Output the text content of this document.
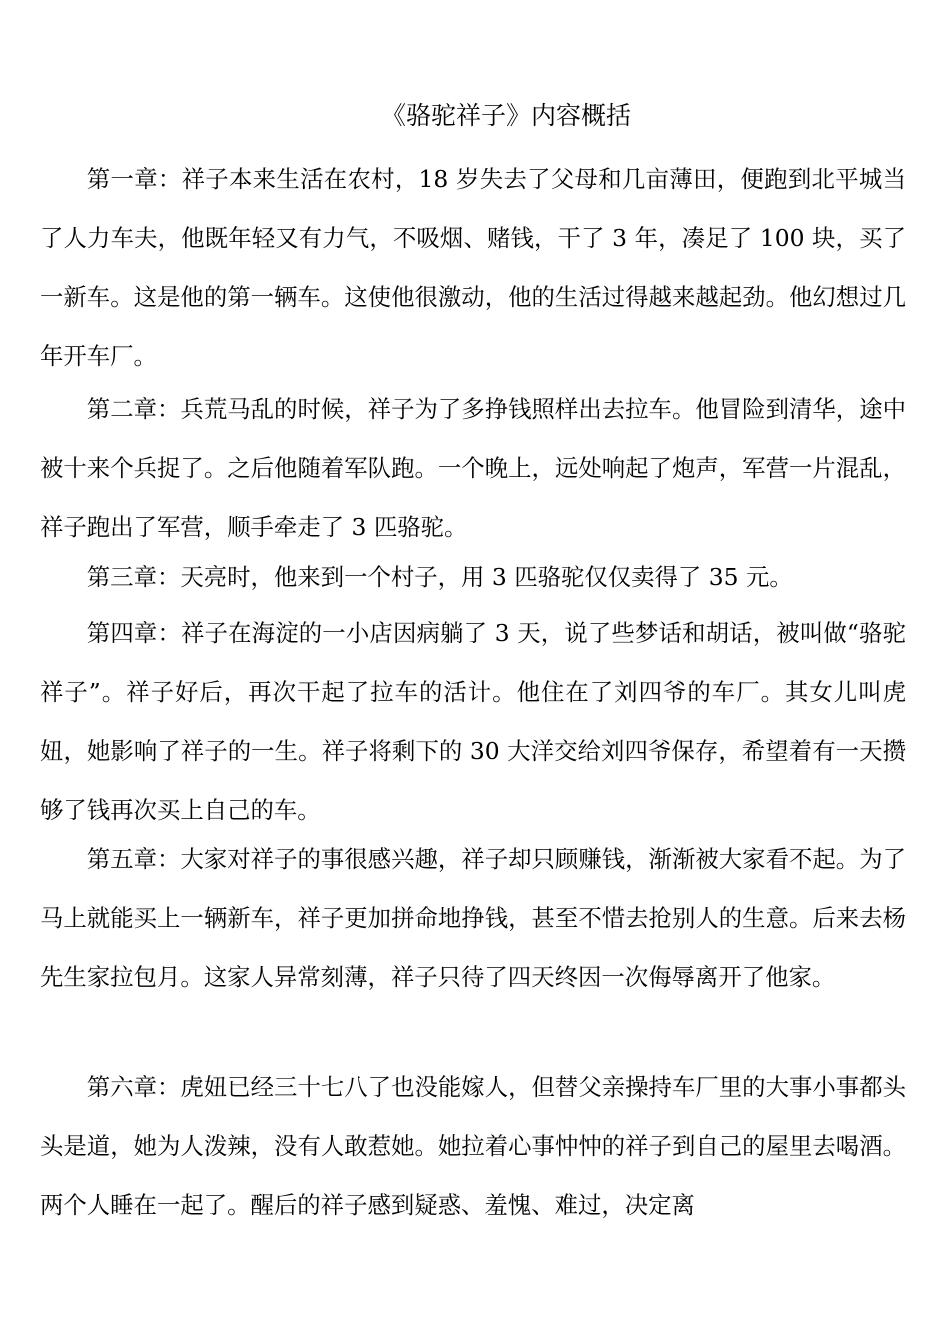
《骆驼祥子》内容概括

第一章：祥子本来生活在农村，18 岁失去了父母和几亩薄田，便跑到北平城当了人力车夫，他既年轻又有力气，不吸烟、赌钱，干了 3 年，凑足了 100 块，买了一新车。这是他的第一辆车。这使他很激动，他的生活过得越来越起劲。他幻想过几年开车厂。

第二章：兵荒马乱的时候，祥子为了多挣钱照样出去拉车。他冒险到清华，途中被十来个兵捉了。之后他随着军队跑。一个晚上，远处响起了炮声，军营一片混乱，祥子跑出了军营，顺手牵走了 3 匹骆驼。

第三章：天亮时，他来到一个村子，用 3 匹骆驼仅仅卖得了 35 元。

第四章：祥子在海淀的一小店因病躺了 3 天，说了些梦话和胡话，被叫做“骆驼祥子”。祥子好后，再次干起了拉车的活计。他住在了刘四爷的车厂。其女儿叫虎妞，她影响了祥子的一生。祥子将剩下的 30 大洋交给刘四爷保存，希望着有一天攒够了钱再次买上自己的车。

第五章：大家对祥子的事很感兴趣，祥子却只顾赚钱，渐渐被大家看不起。为了马上就能买上一辆新车，祥子更加拼命地挣钱，甚至不惜去抢别人的生意。后来去杨先生家拉包月。这家人异常刻薄，祥子只待了四天终因一次侮辱离开了他家。

第六章：虎妞已经三十七八了也没能嫁人，但替父亲操持车厂里的大事小事都头头是道，她为人泼辣，没有人敢惹她。她拉着心事忡忡的祥子到自己的屋里去喝酒。两个人睡在一起了。醒后的祥子感到疑惑、羞愧、难过，决定离
